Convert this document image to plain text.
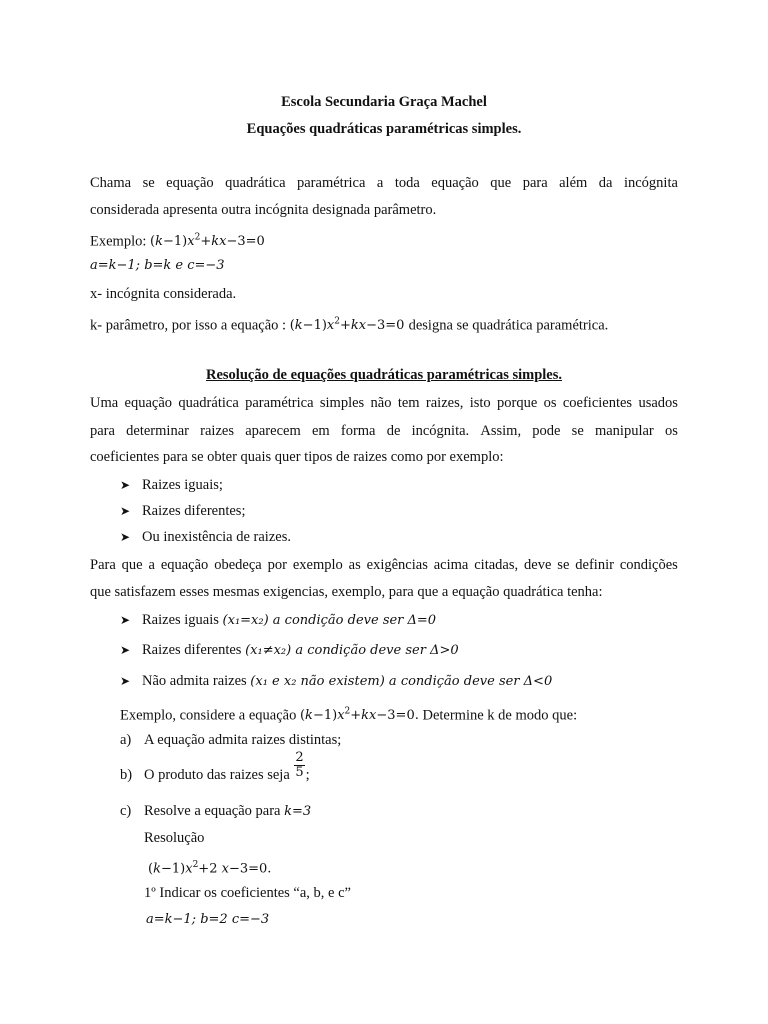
Escola Secundaria Graça Machel
Equações quadráticas paramétricas simples.
Chama se equação quadrática paramétrica a toda equação que para além da incógnita
considerada apresenta outra incógnita designada parâmetro.
Exemplo: $(k-1)x^2+kx-3=0$
a=k−1; b=k e c=−3
x- incógnita considerada.
k- parâmetro, por isso a equação : $(k-1)x^2+kx-3=0$ designa se quadrática paramétrica.
Resolução de equações quadráticas paramétricas simples.
Uma equação quadrática paramétrica simples não tem raizes, isto porque os coeficientes usados
para determinar raizes aparecem em forma de incógnita. Assim, pode se manipular os
coeficientes para se obter quais quer tipos de raizes como por exemplo:
➤ Raizes iguais;
➤ Raizes diferentes;
➤ Ou inexistência de raizes.
Para que a equação obedeça por exemplo as exigências acima citadas, deve se definir condições
que satisfazem esses mesmas exigencias, exemplo, para que a equação quadrática tenha:
➤ Raizes iguais (x₁=x₂) a condição deve ser Δ=0
➤ Raizes diferentes (x₁≠x₂) a condição deve ser Δ>0
➤ Não admita raizes (x₁ e x₂ não existem) a condição deve ser Δ<0
Exemplo, considere a equação $(k-1)x^2+kx-3=0$. Determine k de modo que:
a) A equação admita raizes distintas;
b) O produto das raizes seja $\frac{2}{5}$ ;
c) Resolve a equação para k=3
Resolução
$(k-1)x^2+2$ x−3=0.
1º Indicar os coeficientes “a, b, e c”
a=k−1; b=2 c=−3
